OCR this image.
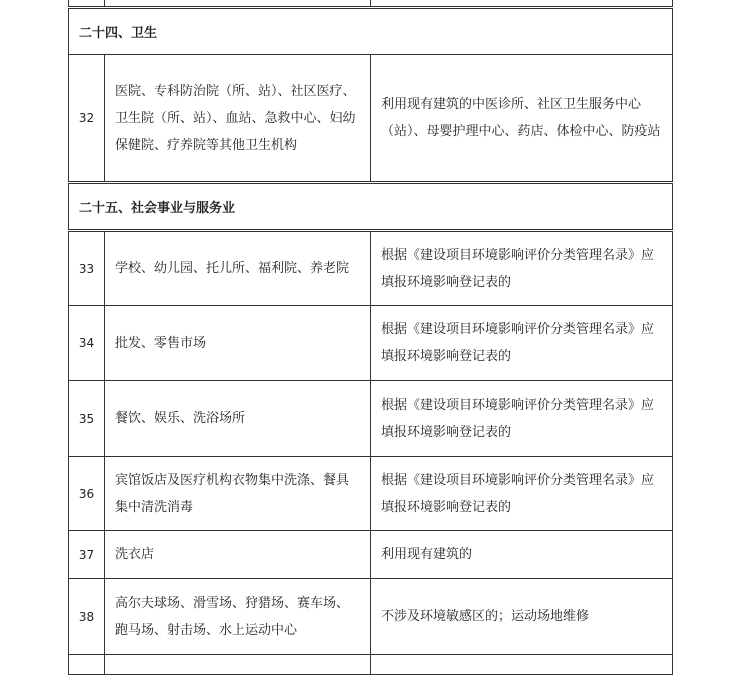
二十四、卫生		
32	医院、专科防治院（所、站）、社区医疗、卫生院（所、站）、血站、急救中心、妇幼保健院、疗养院等其他卫生机构	利用现有建筑的中医诊所、社区卫生服务中心（站）、母婴护理中心、药店、体检中心、防疫站
二十五、社会事业与服务业		
33	学校、幼儿园、托儿所、福利院、养老院	根据《建设项目环境影响评价分类管理名录》应填报环境影响登记表的
34	批发、零售市场	根据《建设项目环境影响评价分类管理名录》应填报环境影响登记表的
35	餐饮、娱乐、洗浴场所	根据《建设项目环境影响评价分类管理名录》应填报环境影响登记表的
36	宾馆饭店及医疗机构衣物集中洗涤、餐具集中清洗消毒	根据《建设项目环境影响评价分类管理名录》应填报环境影响登记表的
37	洗衣店	利用现有建筑的
38	高尔夫球场、滑雪场、狩猎场、赛车场、跑马场、射击场、水上运动中心	不涉及环境敏感区的；运动场地维修
